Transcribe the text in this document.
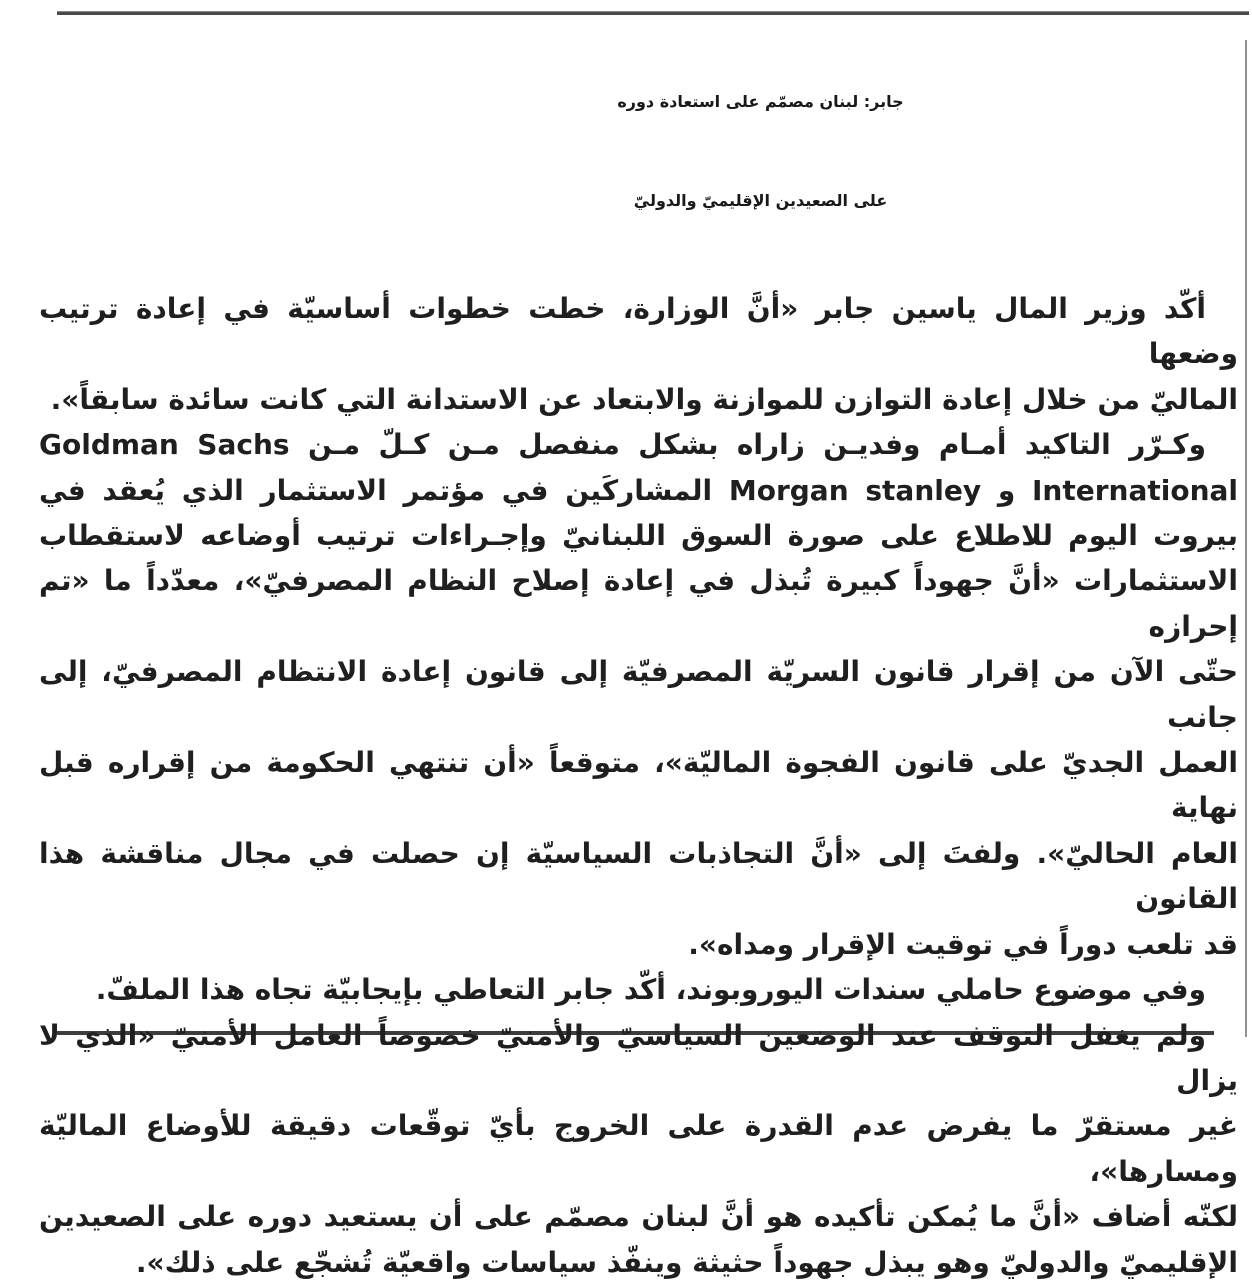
جابر: لبنان مصمّم على استعادة دوره
على الصعيدين الإقليميّ والدوليّ
أكّد وزير المال ياسين جابر «أنَّ الوزارة، خطت خطوات أساسيّة في إعادة ترتيب وضعها
الماليّ من خلال إعادة التوازن للموازنة والابتعاد عن الاستدانة التي كانت سائدة سابقاً».
وكـرّر التاكيد أمـام وفديـن زاراه بشكل منفصل مـن كـلّ مـن Goldman Sachs
International و Morgan stanley المشاركَين في مؤتمر الاستثمار الذي يُعقد في
بيروت اليوم للاطلاع على صورة السوق اللبنانيّ وإجـراءات ترتيب أوضاعه لاستقطاب
الاستثمارات «أنَّ جهوداً كبيرة تُبذل في إعادة إصلاح النظام المصرفيّ»، معدّداً ما «تم إحرازه
حتّى الآن من إقرار قانون السريّة المصرفيّة إلى قانون إعادة الانتظام المصرفيّ، إلى جانب
العمل الجديّ على قانون الفجوة الماليّة»، متوقعاً «أن تنتهي الحكومة من إقراره قبل نهاية
العام الحاليّ». ولفتَ إلى «أنَّ التجاذبات السياسيّة إن حصلت في مجال مناقشة هذا القانون
قد تلعب دوراً في توقيت الإقرار ومداه».
وفي موضوع حاملي سندات اليوروبوند، أكّد جابر التعاطي بإيجابيّة تجاه هذا الملفّ.
ولم يغفل التوقف عند الوضعين السياسيّ والأمنيّ خصوصاً العامل الأمنيّ «الذي لا يزال
غير مستقرّ ما يفرض عدم القدرة على الخروج بأيّ توقّعات دقيقة للأوضاع الماليّة ومسارها»،
لكنّه أضاف «أنَّ ما يُمكن تأكيده هو أنَّ لبنان مصمّم على أن يستعيد دوره على الصعيدين
الإقليميّ والدوليّ وهو يبذل جهوداً حثيثة وينفّذ سياسات واقعيّة تُشجّع على ذلك».
